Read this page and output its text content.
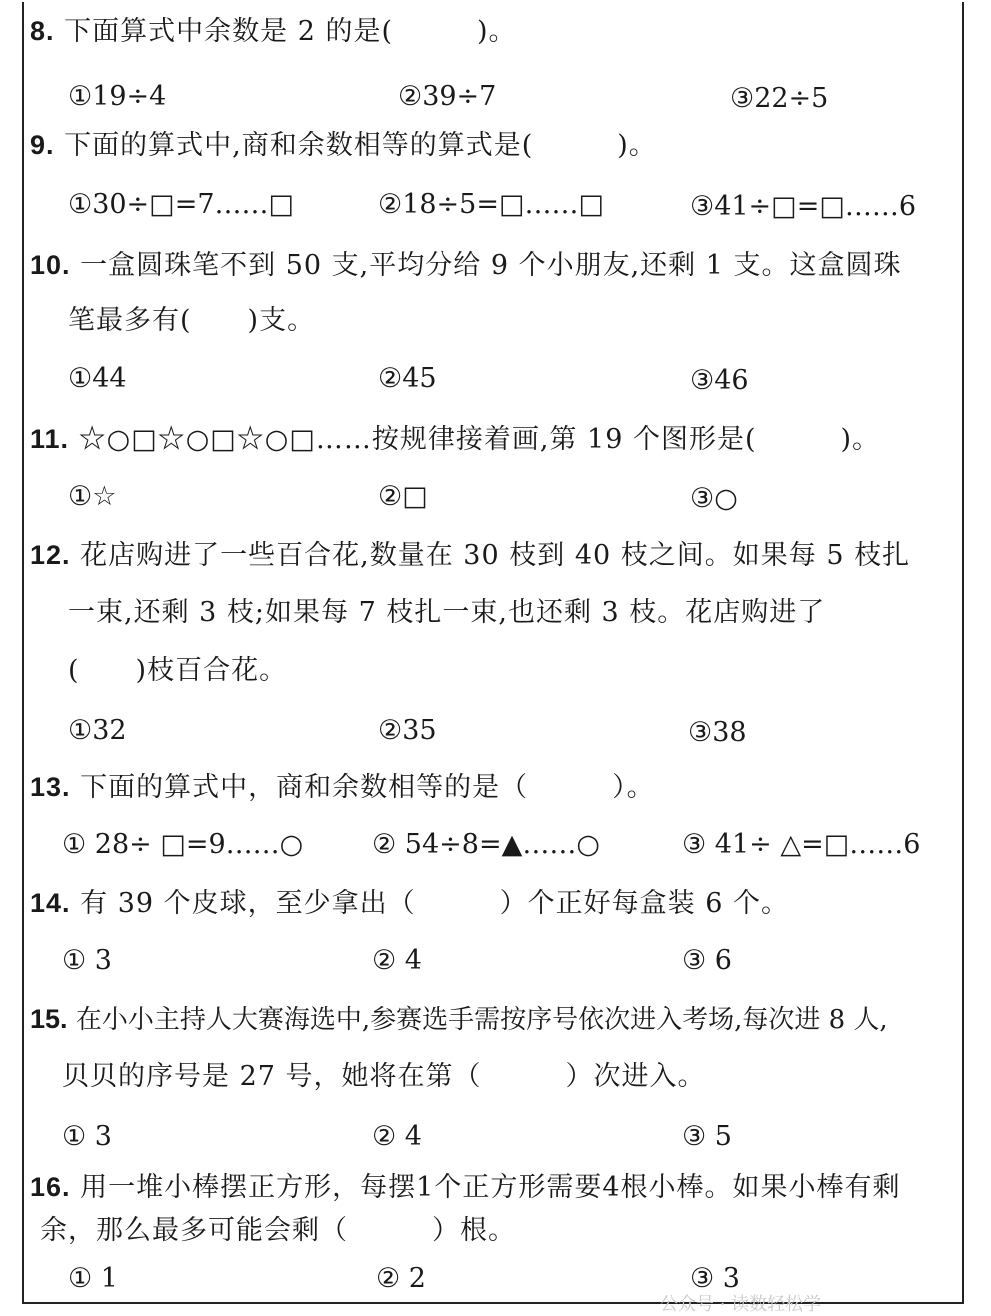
8. 下面算式中余数是 2 的是(　　　)。
①19÷4	②39÷7	③22÷5
9. 下面的算式中,商和余数相等的算式是(　　　)。
①30÷□=7……□	②18÷5=□……□	③41÷□=□……6
10. 一盒圆珠笔不到 50 支,平均分给 9 个小朋友,还剩 1 支。这盒圆珠
笔最多有(　　)支。
①44	②45	③46
11. ☆○□☆○□☆○□……按规律接着画,第 19 个图形是(　　　)。
①☆	②□	③○
12. 花店购进了一些百合花,数量在 30 枝到 40 枝之间。如果每 5 枝扎
一束,还剩 3 枝;如果每 7 枝扎一束,也还剩 3 枝。花店购进了
(　　)枝百合花。
①32	②35	③38
13. 下面的算式中，商和余数相等的是（　　　）。
① 28÷ □=9……○	② 54÷8=▲……○	③ 41÷ △=□……6
14. 有 39 个皮球，至少拿出（　　　）个正好每盒装 6 个。
① 3	② 4	③ 6
15. 在小小主持人大赛海选中,参赛选手需按序号依次进入考场,每次进 8 人,
贝贝的序号是 27 号，她将在第（　　　）次进入。
① 3	② 4	③ 5
16. 用一堆小棒摆正方形，每摆1个正方形需要4根小棒。如果小棒有剩
余，那么最多可能会剩（　　　）根。
① 1	② 2	③ 3
公众号 · 读数轻松学
